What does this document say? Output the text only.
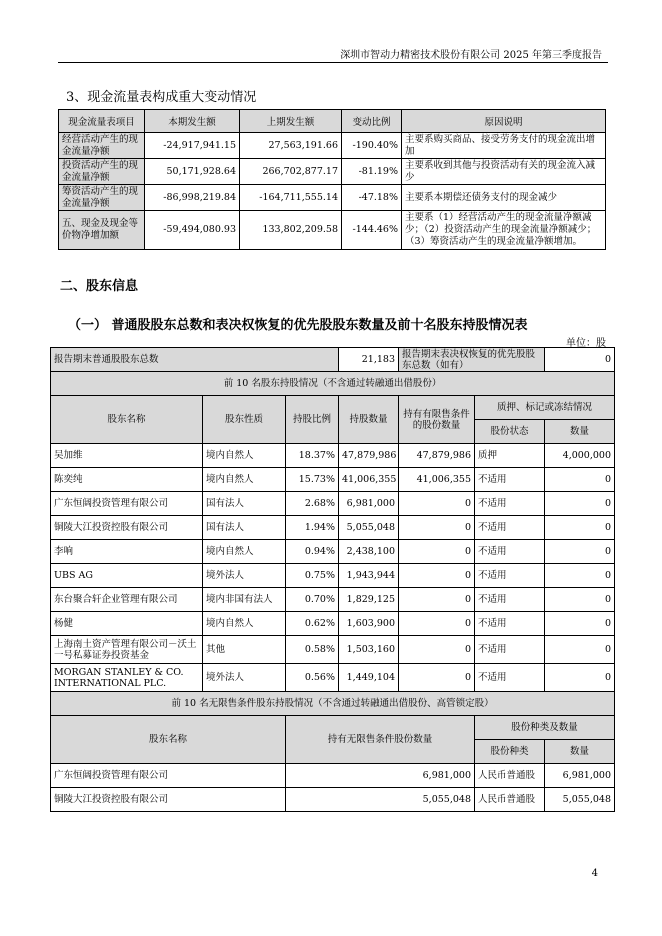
深圳市智动力精密技术股份有限公司 2025 年第三季度报告
3、现金流量表构成重大变动情况
现金流量表项目	本期发生额	上期发生额	变动比例	原因说明
经营活动产生的现金流量净额	-24,917,941.15	27,563,191.66	-190.40%	主要系购买商品、接受劳务支付的现金流出增加
投资活动产生的现金流量净额	50,171,928.64	266,702,877.17	-81.19%	主要系收到其他与投资活动有关的现金流入减少
筹资活动产生的现金流量净额	-86,998,219.84	-164,711,555.14	-47.18%	主要系本期偿还债务支付的现金减少
五、现金及现金等价物净增加额	-59,494,080.93	133,802,209.58	-144.46%	主要系（1）经营活动产生的现金流量净额减少；（2）投资活动产生的现金流量净额减少；（3）筹资活动产生的现金流量净额增加。
二、股东信息
（一） 普通股股东总数和表决权恢复的优先股股东数量及前十名股东持股情况表
单位：股
报告期末普通股股东总数			21,183	报告期末表决权恢复的优先股股东总数（如有）		0
前 10 名股东持股情况（不含通过转融通出借股份）						
股东名称	股东性质	持股比例	持股数量	持有有限售条件的股份数量	质押、标记或冻结情况	
					股份状态	数量
吴加维	境内自然人	18.37%	47,879,986	47,879,986	质押	4,000,000
陈奕纯	境内自然人	15.73%	41,006,355	41,006,355	不适用	0
广东恒阔投资管理有限公司	国有法人	2.68%	6,981,000	0	不适用	0
铜陵大江投资控股有限公司	国有法人	1.94%	5,055,048	0	不适用	0
李响	境内自然人	0.94%	2,438,100	0	不适用	0
UBS AG	境外法人	0.75%	1,943,944	0	不适用	0
东台聚合轩企业管理有限公司	境内非国有法人	0.70%	1,829,125	0	不适用	0
杨健	境内自然人	0.62%	1,603,900	0	不适用	0
上海南土资产管理有限公司－沃土一号私募证券投资基金	其他	0.58%	1,503,160	0	不适用	0
MORGAN STANLEY & CO. INTERNATIONAL PLC.	境外法人	0.56%	1,449,104	0	不适用	0
前 10 名无限售条件股东持股情况（不含通过转融通出借股份、高管锁定股）						
股东名称		持有无限售条件股份数量			股份种类及数量	
					股份种类	数量
广东恒阔投资管理有限公司		6,981,000			人民币普通股	6,981,000
铜陵大江投资控股有限公司		5,055,048			人民币普通股	5,055,048
4
